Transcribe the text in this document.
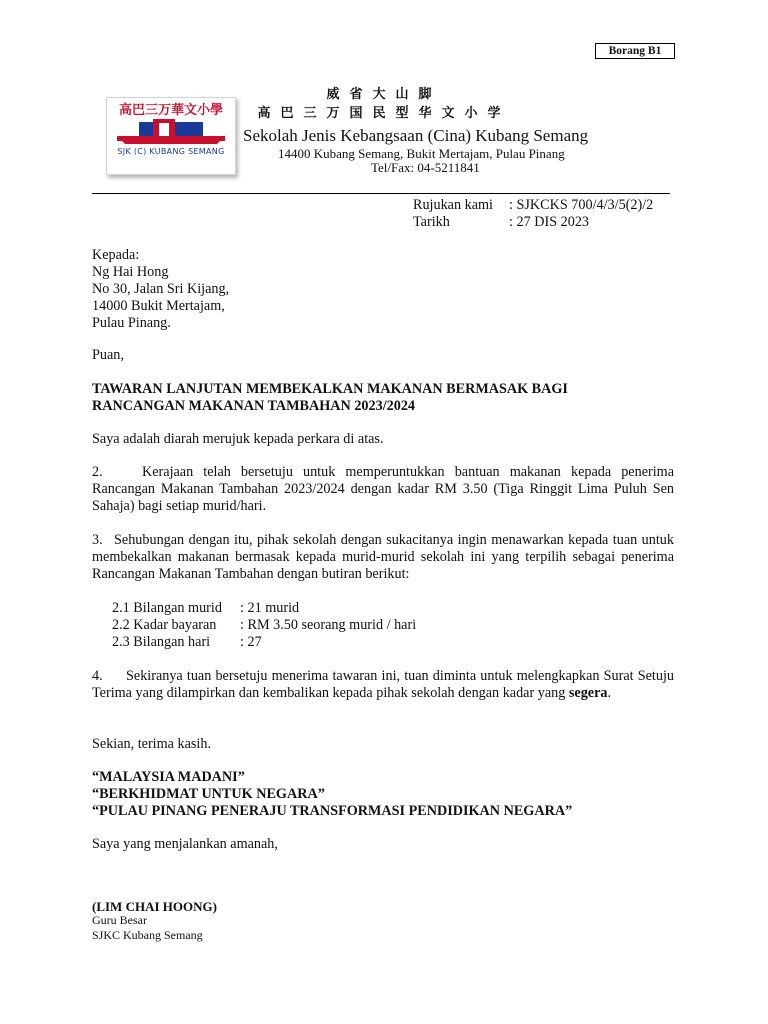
Borang B1
高巴三万華文小學
SJK (C) KUBANG SEMANG
威省大山脚
高巴三万国民型华文小学
Sekolah Jenis Kebangsaan (Cina) Kubang Semang
14400 Kubang Semang, Bukit Mertajam, Pulau Pinang
Tel/Fax: 04-5211841
Rujukan kami : SJKCKS 700/4/3/5(2)/2
Tarikh	: 27 DIS 2023
Kepada:
Ng Hai Hong
No 30, Jalan Sri Kijang,
14000 Bukit Mertajam,
Pulau Pinang.
Puan,
TAWARAN LANJUTAN MEMBEKALKAN MAKANAN BERMASAK BAGI
RANCANGAN MAKANAN TAMBAHAN 2023/2024
Saya adalah diarah merujuk kepada perkara di atas.
2.	Kerajaan telah bersetuju untuk memperuntukkan bantuan makanan kepada penerima Rancangan Makanan Tambahan 2023/2024 dengan kadar RM 3.50 (Tiga Ringgit Lima Puluh Sen Sahaja) bagi setiap murid/hari.
3. Sehubungan dengan itu, pihak sekolah dengan sukacitanya ingin menawarkan kepada tuan untuk membekalkan makanan bermasak kepada murid-murid sekolah ini yang terpilih sebagai penerima Rancangan Makanan Tambahan dengan butiran berikut:
2.1 Bilangan murid : 21 murid
2.2 Kadar bayaran : RM 3.50 seorang murid / hari
2.3 Bilangan hari : 27
4. Sekiranya tuan bersetuju menerima tawaran ini, tuan diminta untuk melengkapkan Surat Setuju Terima yang dilampirkan dan kembalikan kepada pihak sekolah dengan kadar yang segera.
Sekian, terima kasih.
“MALAYSIA MADANI”
“BERKHIDMAT UNTUK NEGARA”
“PULAU PINANG PENERAJU TRANSFORMASI PENDIDIKAN NEGARA”
Saya yang menjalankan amanah,
(LIM CHAI HOONG)
Guru Besar
SJKC Kubang Semang
